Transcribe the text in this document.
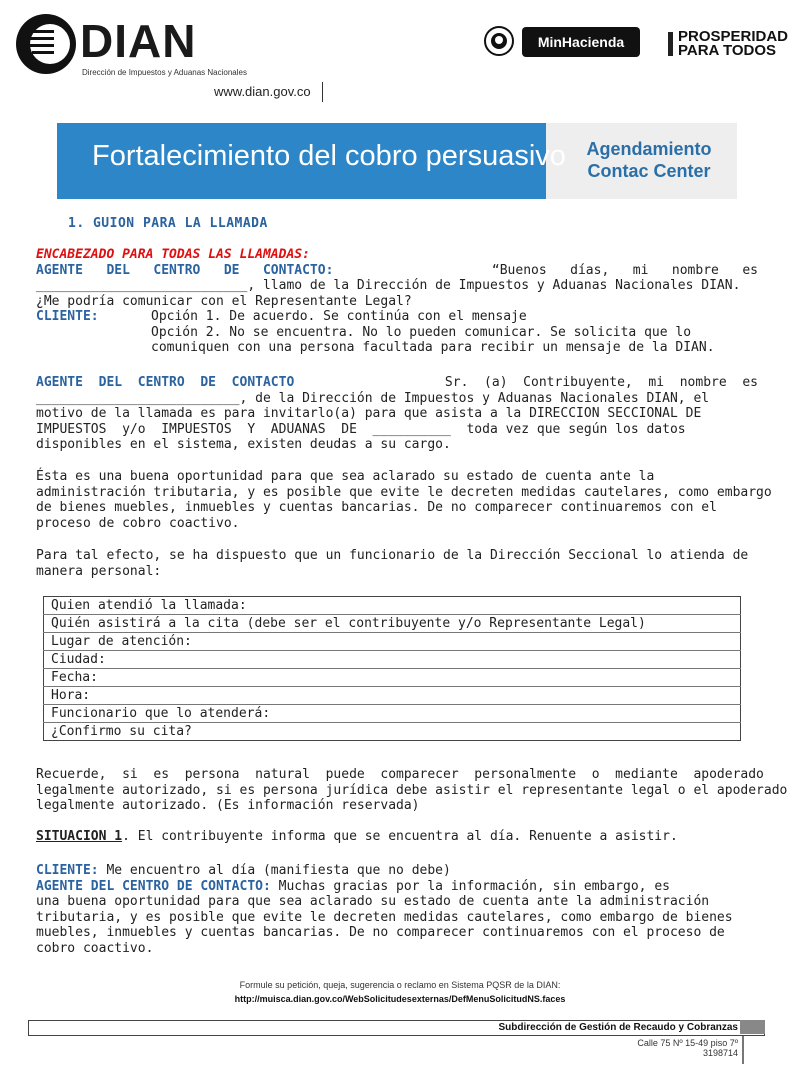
DIAN
Dirección de Impuestos y Aduanas Nacionales
MinHacienda	PROSPERIDAD
PARA TODOS
www.dian.gov.co
Fortalecimiento del cobro persuasivo	Agendamiento
Contac Center
1. GUION PARA LA LLAMADA
ENCABEZADO PARA TODAS LAS LLAMADAS:
AGENTE   DEL   CENTRO   DE   CONTACTO:	“Buenos   días,   mi   nombre   es
___________________________, llamo de la Dirección de Impuestos y Aduanas Nacionales DIAN.
¿Me podría comunicar con el Representante Legal?
CLIENTE:	Opción 1. De acuerdo. Se continúa con el mensaje
Opción 2. No se encuentra. No lo pueden comunicar. Se solicita que lo
comuniquen con una persona facultada para recibir un mensaje de la DIAN.
AGENTE  DEL  CENTRO  DE  CONTACTO	Sr.  (a)  Contribuyente,  mi  nombre  es
__________________________, de la Dirección de Impuestos y Aduanas Nacionales DIAN, el
motivo de la llamada es para invitarlo(a) para que asista a la DIRECCION SECCIONAL DE
IMPUESTOS  y/o  IMPUESTOS  Y  ADUANAS  DE  __________  toda vez que según los datos
disponibles en el sistema, existen deudas a su cargo.
Ésta es una buena oportunidad para que sea aclarado su estado de cuenta ante la
administración tributaria, y es posible que evite le decreten medidas cautelares, como embargo
de bienes muebles, inmuebles y cuentas bancarias. De no comparecer continuaremos con el
proceso de cobro coactivo.
Para tal efecto, se ha dispuesto que un funcionario de la Dirección Seccional lo atienda de
manera personal:
Quien atendió la llamada:
Quién asistirá a la cita (debe ser el contribuyente y/o Representante Legal)
Lugar de atención:
Ciudad:
Fecha:
Hora:
Funcionario que lo atenderá:
¿Confirmo su cita?
Recuerde,  si  es  persona  natural  puede  comparecer  personalmente  o  mediante  apoderado
legalmente autorizado, si es persona jurídica debe asistir el representante legal o el apoderado
legalmente autorizado. (Es información reservada)
SITUACION 1. El contribuyente informa que se encuentra al día. Renuente a asistir.
CLIENTE: Me encuentro al día (manifiesta que no debe)
AGENTE DEL CENTRO DE CONTACTO: Muchas gracias por la información, sin embargo, es
una buena oportunidad para que sea aclarado su estado de cuenta ante la administración
tributaria, y es posible que evite le decreten medidas cautelares, como embargo de bienes
muebles, inmuebles y cuentas bancarias. De no comparecer continuaremos con el proceso de
cobro coactivo.
Formule su petición, queja, sugerencia o reclamo en Sistema PQSR de la DIAN:
http://muisca.dian.gov.co/WebSolicitudesexternas/DefMenuSolicitudNS.faces
Subdirección de Gestión de Recaudo y Cobranzas
Calle 75 Nº 15-49 piso 7º
3198714
